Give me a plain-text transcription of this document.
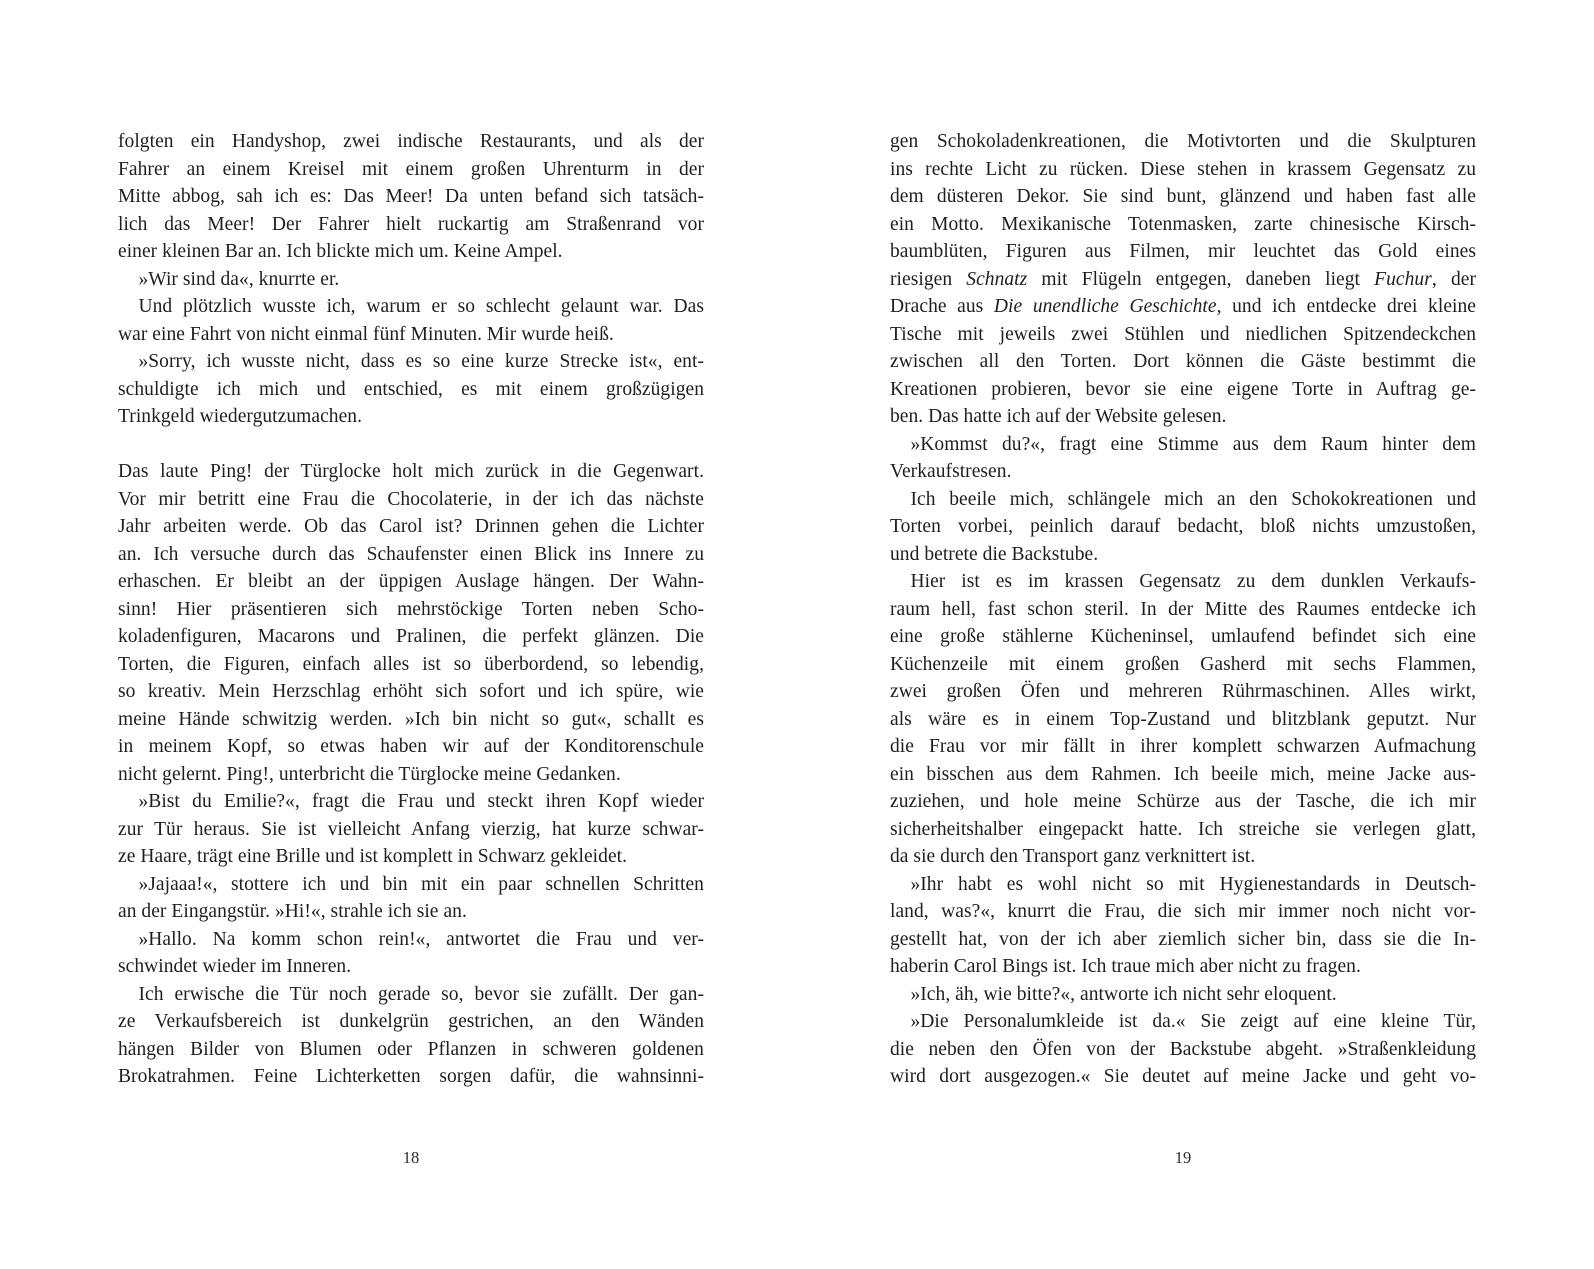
folgten ein Handyshop, zwei indische Restaurants, und als der
Fahrer an einem Kreisel mit einem großen Uhrenturm in der
Mitte abbog, sah ich es: Das Meer! Da unten befand sich tatsäch-
lich das Meer! Der Fahrer hielt ruckartig am Straßenrand vor
einer kleinen Bar an. Ich blickte mich um. Keine Ampel.
»Wir sind da«, knurrte er.
Und plötzlich wusste ich, warum er so schlecht gelaunt war. Das
war eine Fahrt von nicht einmal fünf Minuten. Mir wurde heiß.
»Sorry, ich wusste nicht, dass es so eine kurze Strecke ist«, ent-
schuldigte ich mich und entschied, es mit einem großzügigen
Trinkgeld wiedergutzumachen.
Das laute Ping! der Türglocke holt mich zurück in die Gegenwart.
Vor mir betritt eine Frau die Chocolaterie, in der ich das nächste
Jahr arbeiten werde. Ob das Carol ist? Drinnen gehen die Lichter
an. Ich versuche durch das Schaufenster einen Blick ins Innere zu
erhaschen. Er bleibt an der üppigen Auslage hängen. Der Wahn-
sinn! Hier präsentieren sich mehrstöckige Torten neben Scho-
koladenfiguren, Macarons und Pralinen, die perfekt glänzen. Die
Torten, die Figuren, einfach alles ist so überbordend, so lebendig,
so kreativ. Mein Herzschlag erhöht sich sofort und ich spüre, wie
meine Hände schwitzig werden. »Ich bin nicht so gut«, schallt es
in meinem Kopf, so etwas haben wir auf der Konditorenschule
nicht gelernt. Ping!, unterbricht die Türglocke meine Gedanken.
»Bist du Emilie?«, fragt die Frau und steckt ihren Kopf wieder
zur Tür heraus. Sie ist vielleicht Anfang vierzig, hat kurze schwar-
ze Haare, trägt eine Brille und ist komplett in Schwarz gekleidet.
»Jajaaa!«, stottere ich und bin mit ein paar schnellen Schritten
an der Eingangstür. »Hi!«, strahle ich sie an.
»Hallo. Na komm schon rein!«, antwortet die Frau und ver-
schwindet wieder im Inneren.
Ich erwische die Tür noch gerade so, bevor sie zufällt. Der gan-
ze Verkaufsbereich ist dunkelgrün gestrichen, an den Wänden
hängen Bilder von Blumen oder Pflanzen in schweren goldenen
Brokatrahmen. Feine Lichterketten sorgen dafür, die wahnsinni-
gen Schokoladenkreationen, die Motivtorten und die Skulpturen
ins rechte Licht zu rücken. Diese stehen in krassem Gegensatz zu
dem düsteren Dekor. Sie sind bunt, glänzend und haben fast alle
ein Motto. Mexikanische Totenmasken, zarte chinesische Kirsch-
baumblüten, Figuren aus Filmen, mir leuchtet das Gold eines
riesigen Schnatz mit Flügeln entgegen, daneben liegt Fuchur, der
Drache aus Die unendliche Geschichte, und ich entdecke drei kleine
Tische mit jeweils zwei Stühlen und niedlichen Spitzendeckchen
zwischen all den Torten. Dort können die Gäste bestimmt die
Kreationen probieren, bevor sie eine eigene Torte in Auftrag ge-
ben. Das hatte ich auf der Website gelesen.
»Kommst du?«, fragt eine Stimme aus dem Raum hinter dem
Verkaufstresen.
Ich beeile mich, schlängele mich an den Schokokreationen und
Torten vorbei, peinlich darauf bedacht, bloß nichts umzustoßen,
und betrete die Backstube.
Hier ist es im krassen Gegensatz zu dem dunklen Verkaufs-
raum hell, fast schon steril. In der Mitte des Raumes entdecke ich
eine große stählerne Kücheninsel, umlaufend befindet sich eine
Küchenzeile mit einem großen Gasherd mit sechs Flammen,
zwei großen Öfen und mehreren Rührmaschinen. Alles wirkt,
als wäre es in einem Top-Zustand und blitzblank geputzt. Nur
die Frau vor mir fällt in ihrer komplett schwarzen Aufmachung
ein bisschen aus dem Rahmen. Ich beeile mich, meine Jacke aus-
zuziehen, und hole meine Schürze aus der Tasche, die ich mir
sicherheitshalber eingepackt hatte. Ich streiche sie verlegen glatt,
da sie durch den Transport ganz verknittert ist.
»Ihr habt es wohl nicht so mit Hygienestandards in Deutsch-
land, was?«, knurrt die Frau, die sich mir immer noch nicht vor-
gestellt hat, von der ich aber ziemlich sicher bin, dass sie die In-
haberin Carol Bings ist. Ich traue mich aber nicht zu fragen.
»Ich, äh, wie bitte?«, antworte ich nicht sehr eloquent.
»Die Personalumkleide ist da.« Sie zeigt auf eine kleine Tür,
die neben den Öfen von der Backstube abgeht. »Straßenkleidung
wird dort ausgezogen.« Sie deutet auf meine Jacke und geht vo-
18	19
